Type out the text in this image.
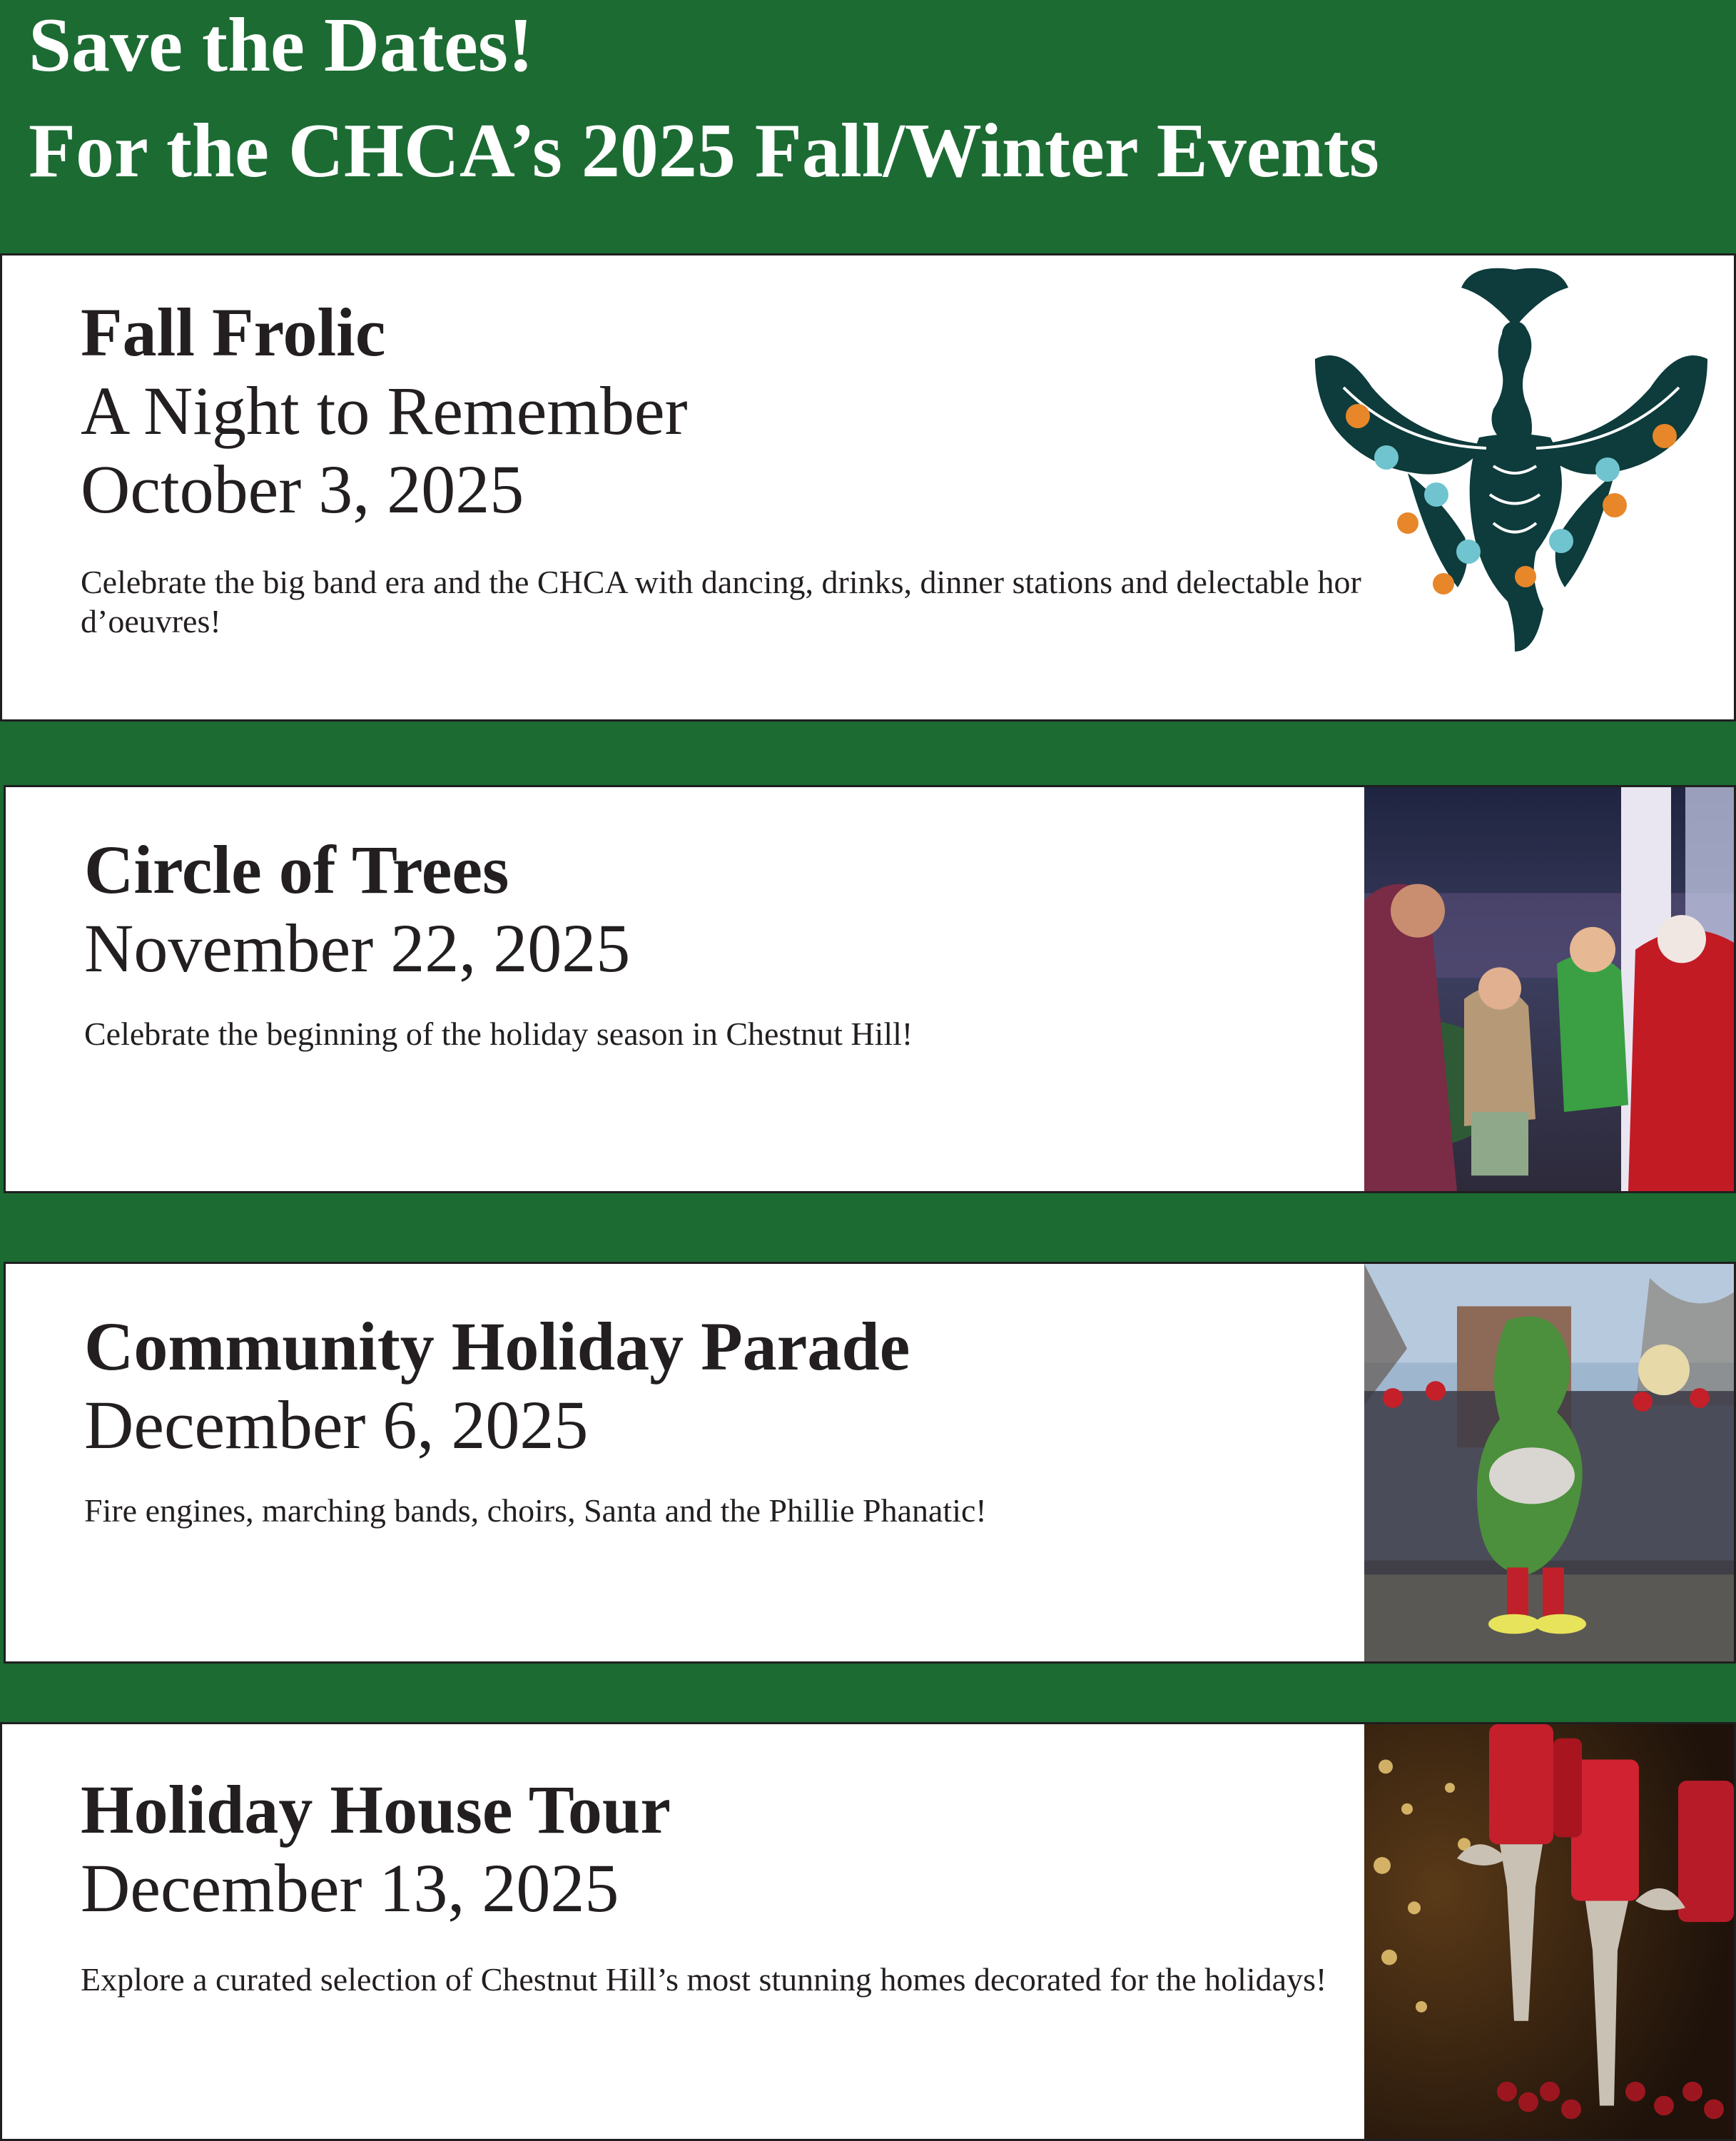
Save the Dates!
For the CHCA’s 2025 Fall/Winter Events
Fall Frolic
A Night to Remember
October 3, 2025
Celebrate the big band era and the CHCA with dancing, drinks, dinner stations and delectable hor d’oeuvres!
Circle of Trees
November 22, 2025
Celebrate the beginning of the holiday season in Chestnut Hill!
Community Holiday Parade
December 6, 2025
Fire engines, marching bands, choirs, Santa and the Phillie Phanatic!
Holiday House Tour
December 13, 2025
Explore a curated selection of Chestnut Hill’s most stunning homes decorated for the holidays!
